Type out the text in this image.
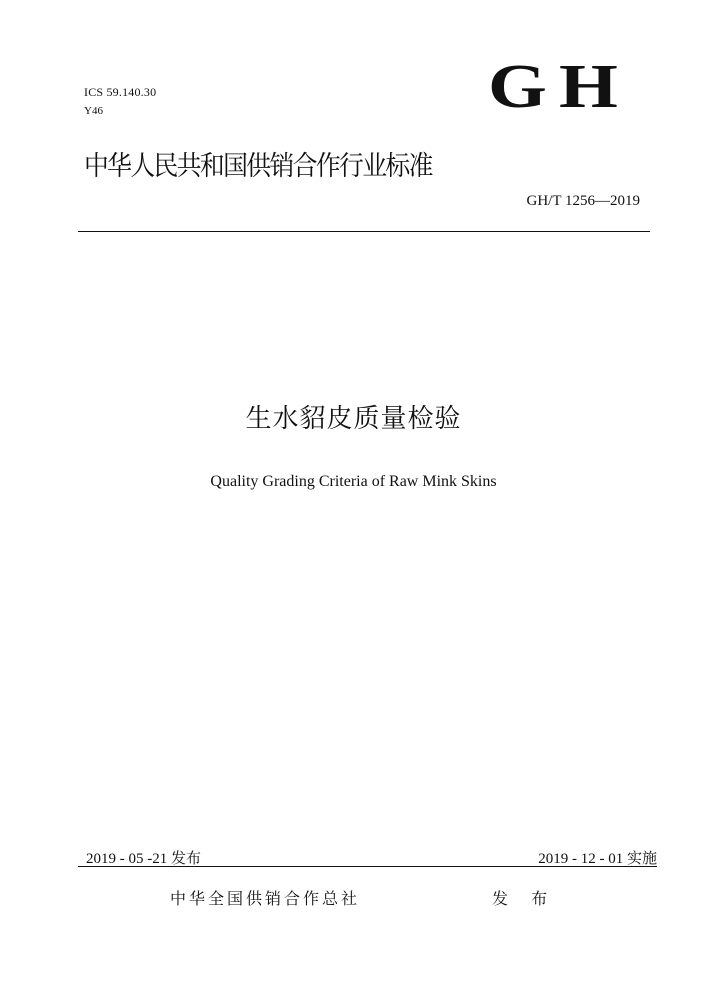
ICS 59.140.30
Y46	GH
中华人民共和国供销合作行业标准
GH/T 1256—2019
生水貂皮质量检验
Quality Grading Criteria of Raw Mink Skins
2019 - 05 -21 发布	2019 - 12 - 01 实施
中华全国供销合作总社	发 布
